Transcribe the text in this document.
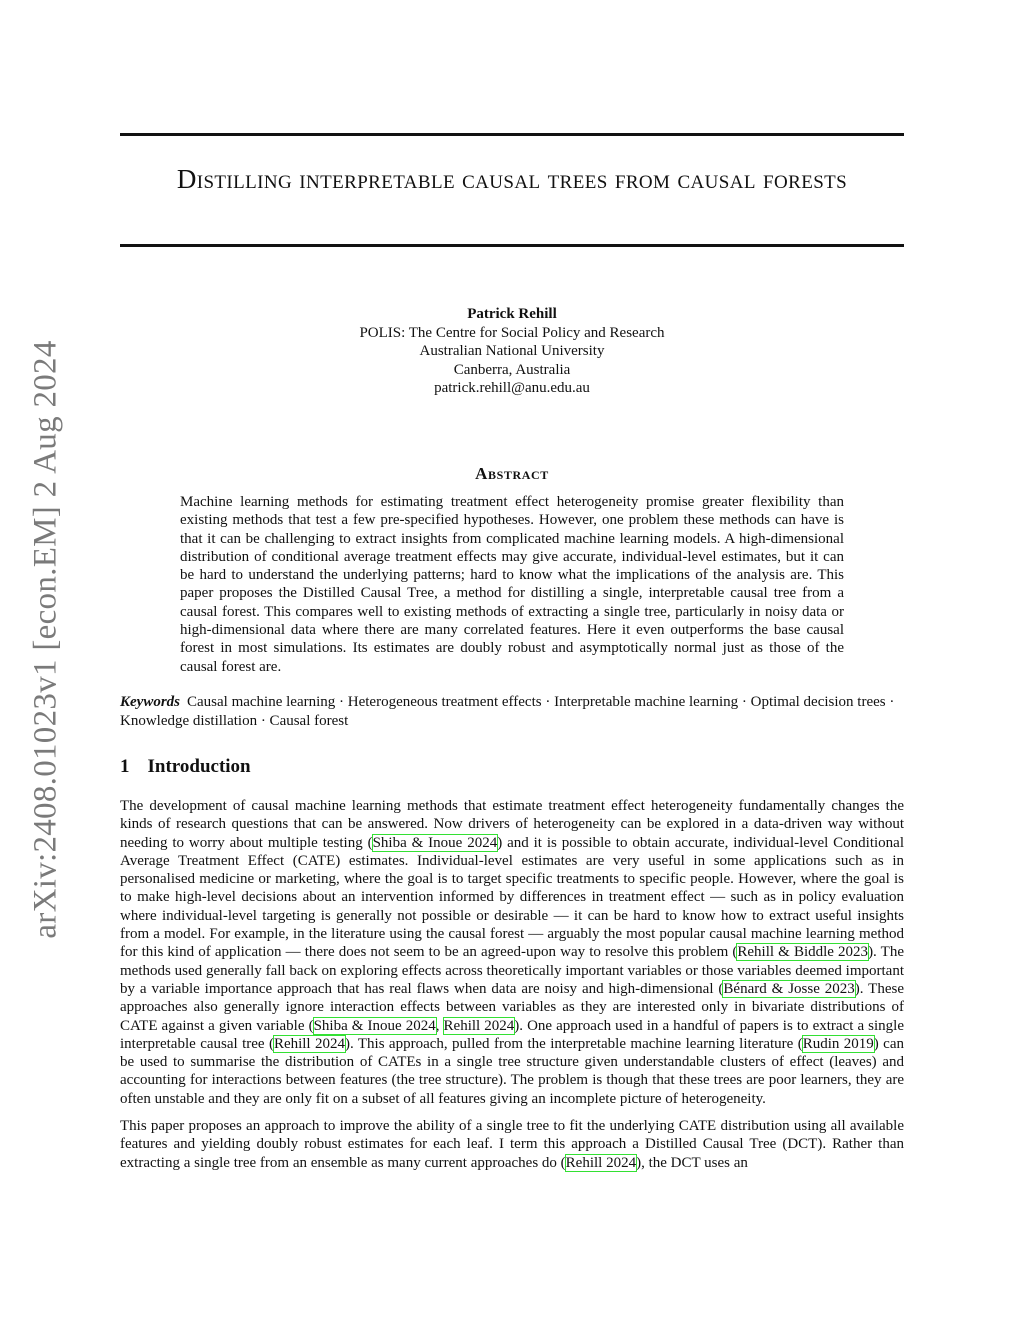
arXiv:2408.01023v1 [econ.EM] 2 Aug 2024
Distilling interpretable causal trees from causal forests
Patrick Rehill
POLIS: The Centre for Social Policy and Research
Australian National University
Canberra, Australia
patrick.rehill@anu.edu.au
Abstract

Machine learning methods for estimating treatment effect heterogeneity promise greater flexibility than existing methods that test a few pre-specified hypotheses. However, one problem these methods can have is that it can be challenging to extract insights from complicated machine learning models. A high-dimensional distribution of conditional average treatment effects may give accurate, individual-level estimates, but it can be hard to understand the underlying patterns; hard to know what the implications of the analysis are. This paper proposes the Distilled Causal Tree, a method for distilling a single, interpretable causal tree from a causal forest. This compares well to existing methods of extracting a single tree, particularly in noisy data or high-dimensional data where there are many correlated features. Here it even outperforms the base causal forest in most simulations. Its estimates are doubly robust and asymptotically normal just as those of the causal forest are.

Keywords Causal machine learning · Heterogeneous treatment effects · Interpretable machine learning · Optimal decision trees · Knowledge distillation · Causal forest

1 Introduction

The development of causal machine learning methods that estimate treatment effect heterogeneity fundamentally changes the kinds of research questions that can be answered. Now drivers of heterogeneity can be explored in a data-driven way without needing to worry about multiple testing (Shiba & Inoue 2024) and it is possible to obtain accurate, individual-level Conditional Average Treatment Effect (CATE) estimates. Individual-level estimates are very useful in some applications such as in personalised medicine or marketing, where the goal is to target specific treatments to specific people. However, where the goal is to make high-level decisions about an intervention informed by differences in treatment effect — such as in policy evaluation where individual-level targeting is generally not possible or desirable — it can be hard to know how to extract useful insights from a model. For example, in the literature using the causal forest — arguably the most popular causal machine learning method for this kind of application — there does not seem to be an agreed-upon way to resolve this problem (Rehill & Biddle 2023). The methods used generally fall back on exploring effects across theoretically important variables or those variables deemed important by a variable importance approach that has real flaws when data are noisy and high-dimensional (Bénard & Josse 2023). These approaches also generally ignore interaction effects between variables as they are interested only in bivariate distributions of CATE against a given variable (Shiba & Inoue 2024, Rehill 2024). One approach used in a handful of papers is to extract a single interpretable causal tree (Rehill 2024). This approach, pulled from the interpretable machine learning literature (Rudin 2019) can be used to summarise the distribution of CATEs in a single tree structure given understandable clusters of effect (leaves) and accounting for interactions between features (the tree structure). The problem is though that these trees are poor learners, they are often unstable and they are only fit on a subset of all features giving an incomplete picture of heterogeneity.

This paper proposes an approach to improve the ability of a single tree to fit the underlying CATE distribution using all available features and yielding doubly robust estimates for each leaf. I term this approach a Distilled Causal Tree (DCT). Rather than extracting a single tree from an ensemble as many current approaches do (Rehill 2024), the DCT uses an
